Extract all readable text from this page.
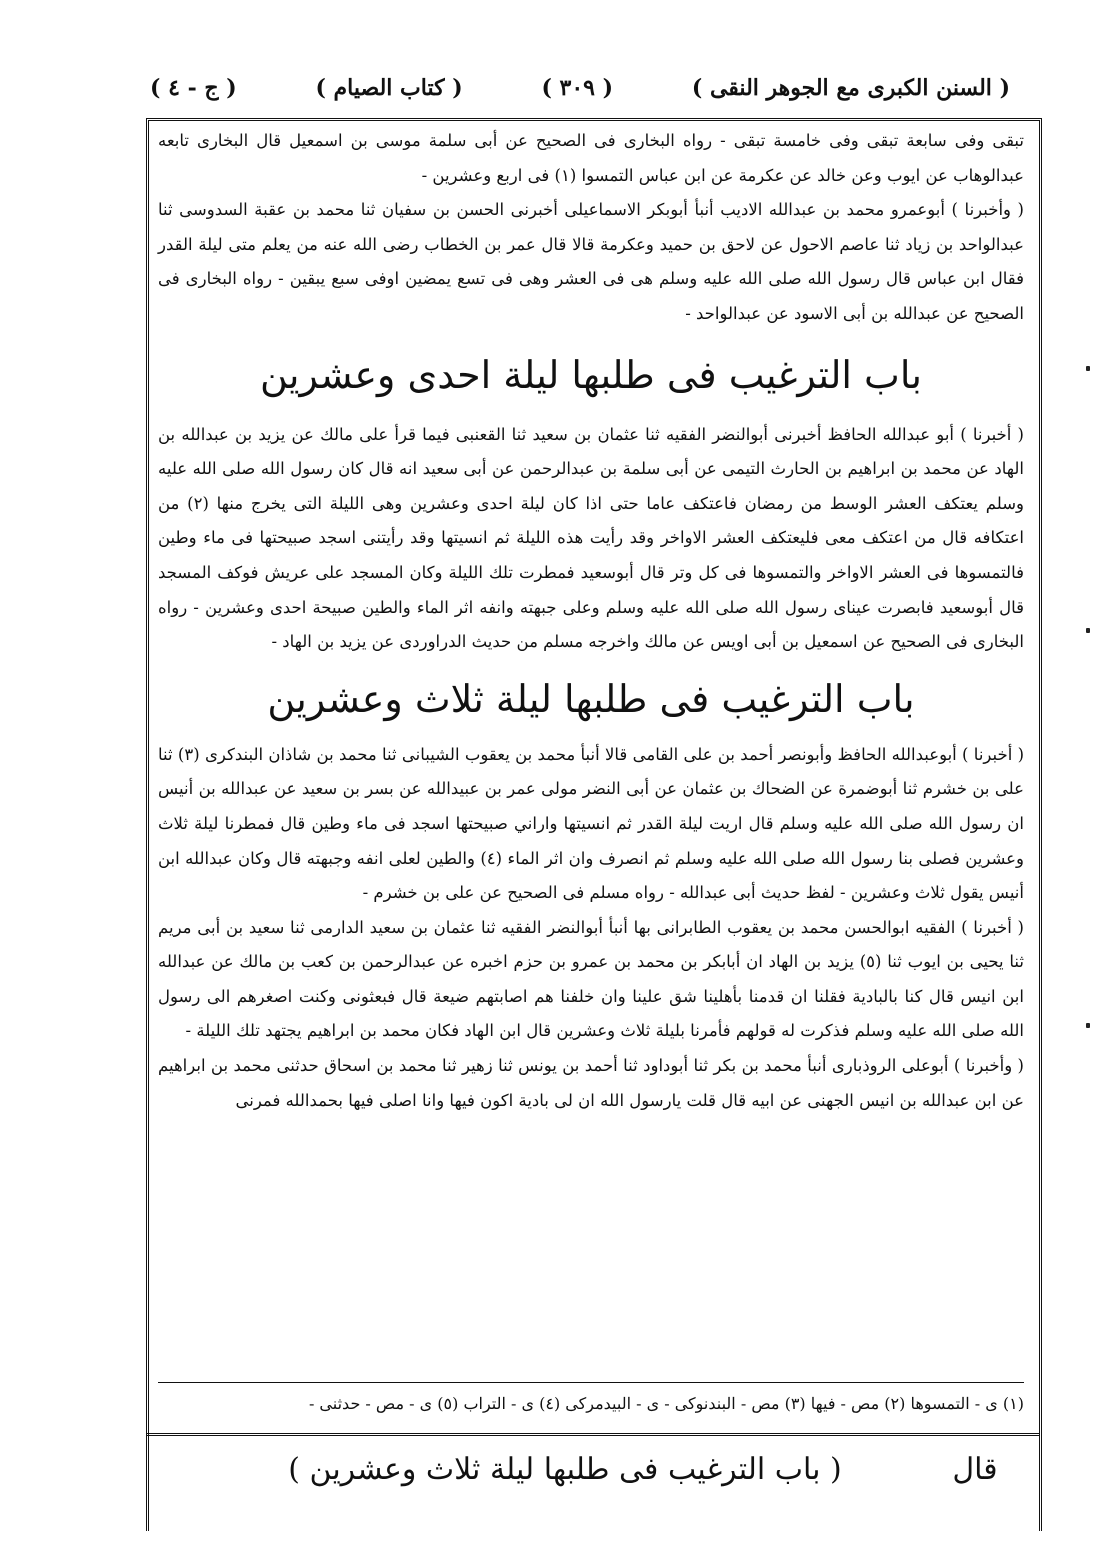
( السنن الكبرى مع الجوهر النقى )
( ٣٠٩ )
( كتاب الصيام )
( ج - ٤ )

تبقى وفى سابعة تبقى وفى خامسة تبقى - رواه البخارى فى الصحيح عن أبى سلمة موسى بن اسمعيل قال البخارى تابعه عبدالوهاب عن ايوب وعن خالد عن عكرمة عن ابن عباس التمسوا (١) فى اربع وعشرين -

( وأخبرنا ) أبوعمرو محمد بن عبدالله الاديب أنبأ أبوبكر الاسماعيلى أخبرنى الحسن بن سفيان ثنا محمد بن عقبة السدوسى ثنا عبدالواحد بن زياد ثنا عاصم الاحول عن لاحق بن حميد وعكرمة قالا قال عمر بن الخطاب رضى الله عنه من يعلم متى ليلة القدر فقال ابن عباس قال رسول الله صلى الله عليه وسلم هى فى العشر وهى فى تسع يمضين اوفى سبع يبقين - رواه البخارى فى الصحيح عن عبدالله بن أبى الاسود عن عبدالواحد -

باب الترغيب فى طلبها ليلة احدى وعشرين

( أخبرنا ) أبو عبدالله الحافظ أخبرنى أبوالنضر الفقيه ثنا عثمان بن سعيد ثنا القعنبى فيما قرأ على مالك عن يزيد بن عبدالله بن الهاد عن محمد بن ابراهيم بن الحارث التيمى عن أبى سلمة بن عبدالرحمن عن أبى سعيد انه قال كان رسول الله صلى الله عليه وسلم يعتكف العشر الوسط من رمضان فاعتكف عاما حتى اذا كان ليلة احدى وعشرين وهى الليلة التى يخرج منها (٢) من اعتكافه قال من اعتكف معى فليعتكف العشر الاواخر وقد رأيت هذه الليلة ثم انسيتها وقد رأيتنى اسجد صبيحتها فى ماء وطين فالتمسوها فى العشر الاواخر والتمسوها فى كل وتر قال أبوسعيد فمطرت تلك الليلة وكان المسجد على عريش فوكف المسجد قال أبوسعيد فابصرت عيناى رسول الله صلى الله عليه وسلم وعلى جبهته وانفه اثر الماء والطين صبيحة احدى وعشرين - رواه البخارى فى الصحيح عن اسمعيل بن أبى اويس عن مالك واخرجه مسلم من حديث الدراوردى عن يزيد بن الهاد -

باب الترغيب فى طلبها ليلة ثلاث وعشرين

( أخبرنا ) أبوعبدالله الحافظ وأبونصر أحمد بن على القامى قالا أنبأ محمد بن يعقوب الشيبانى ثنا محمد بن شاذان البندكرى (٣) ثنا على بن خشرم ثنا أبوضمرة عن الضحاك بن عثمان عن أبى النضر مولى عمر بن عبيدالله عن بسر بن سعيد عن عبدالله بن أنيس ان رسول الله صلى الله عليه وسلم قال اريت ليلة القدر ثم انسيتها واراني صبيحتها اسجد فى ماء وطين قال فمطرنا ليلة ثلاث وعشرين فصلى بنا رسول الله صلى الله عليه وسلم ثم انصرف وان اثر الماء (٤) والطين لعلى انفه وجبهته قال وكان عبدالله ابن أنيس يقول ثلاث وعشرين - لفظ حديث أبى عبدالله - رواه مسلم فى الصحيح عن على بن خشرم -

( أخبرنا ) الفقيه ابوالحسن محمد بن يعقوب الطابرانى بها أنبأ أبوالنضر الفقيه ثنا عثمان بن سعيد الدارمى ثنا سعيد بن أبى مريم ثنا يحيى بن ايوب ثنا (٥) يزيد بن الهاد ان أبابكر بن محمد بن عمرو بن حزم اخبره عن عبدالرحمن بن كعب بن مالك عن عبدالله ابن انيس قال كنا بالبادية فقلنا ان قدمنا بأهلينا شق علينا وان خلفنا هم اصابتهم ضيعة قال فبعثونى وكنت اصغرهم الى رسول الله صلى الله عليه وسلم فذكرت له قولهم فأمرنا بليلة ثلاث وعشرين قال ابن الهاد فكان محمد بن ابراهيم يجتهد تلك الليلة -

( وأخبرنا ) أبوعلى الروذبارى أنبأ محمد بن بكر ثنا أبوداود ثنا أحمد بن يونس ثنا زهير ثنا محمد بن اسحاق حدثنى محمد بن ابراهيم عن ابن عبدالله بن انيس الجهنى عن ابيه قال قلت يارسول الله ان لى بادية اكون فيها وانا اصلى فيها بحمدالله فمرنى

(١) ى - التمسوها (٢) مص - فيها (٣) مص - البندنوكى - ى - البيدمركى (٤) ى - التراب (٥) ى - مص - حدثنى -
قال
( باب الترغيب فى طلبها ليلة ثلاث وعشرين )
